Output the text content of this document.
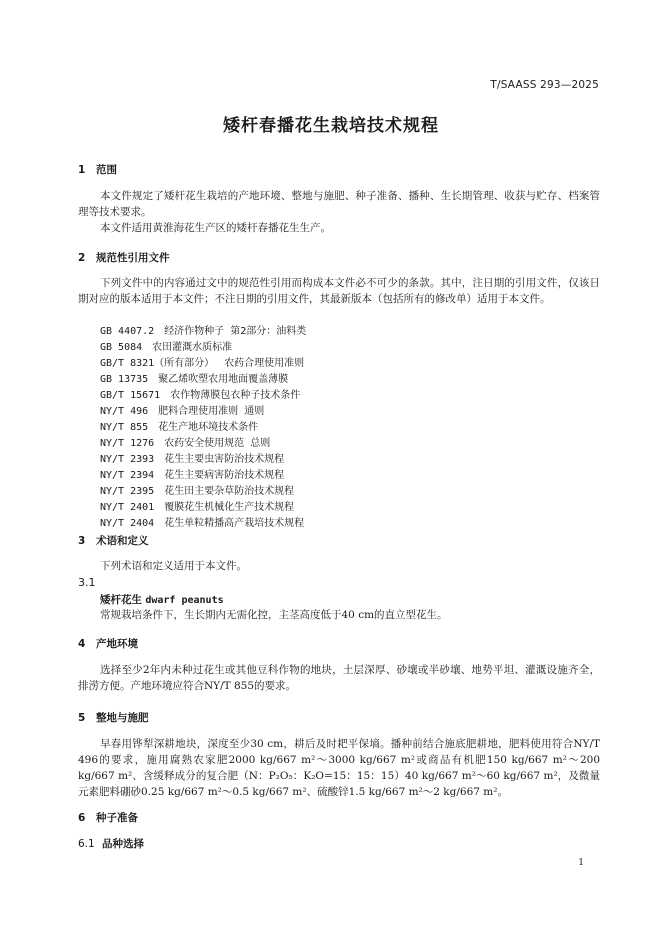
T/SAASS 293—2025
矮杆春播花生栽培技术规程
1 范围
本文件规定了矮杆花生栽培的产地环境、整地与施肥、种子准备、播种、生长期管理、收获与贮存、档案管理等技术要求。
本文件适用黄淮海花生产区的矮杆春播花生生产。
2 规范性引用文件
下列文件中的内容通过文中的规范性引用而构成本文件必不可少的条款。其中，注日期的引用文件，仅该日期对应的版本适用于本文件；不注日期的引用文件，其最新版本（包括所有的修改单）适用于本文件。
GB 4407.2 经济作物种子 第2部分：油料类
GB 5084 农田灌溉水质标准
GB/T 8321（所有部分） 农药合理使用准则
GB 13735 聚乙烯吹塑农用地面覆盖薄膜
GB/T 15671 农作物薄膜包衣种子技术条件
NY/T 496 肥料合理使用准则 通则
NY/T 855 花生产地环境技术条件
NY/T 1276 农药安全使用规范 总则
NY/T 2393 花生主要虫害防治技术规程
NY/T 2394 花生主要病害防治技术规程
NY/T 2395 花生田主要杂草防治技术规程
NY/T 2401 覆膜花生机械化生产技术规程
NY/T 2404 花生单粒精播高产栽培技术规程
3 术语和定义
下列术语和定义适用于本文件。
3.1
矮杆花生 dwarf peanuts
常规栽培条件下，生长期内无需化控，主茎高度低于40 cm的直立型花生。
4 产地环境
选择至少2年内未种过花生或其他豆科作物的地块，土层深厚、砂壤或半砂壤、地势平坦、灌溉设施齐全，排涝方便。产地环境应符合NY/T 855的要求。
5 整地与施肥
早春用铧犁深耕地块，深度至少30 cm，耕后及时耙平保墒。播种前结合施底肥耕地，肥料使用符合NY/T 496的要求，施用腐熟农家肥2000 kg/667 m²～3000 kg/667 m²或商品有机肥150 kg/667 m²～200 kg/667 m²、含缓释成分的复合肥（N：P₂O₅：K₂O=15：15：15）40 kg/667 m²～60 kg/667 m²，及微量元素肥料硼砂0.25 kg/667 m²～0.5 kg/667 m²、硫酸锌1.5 kg/667 m²～2 kg/667 m²。
6 种子准备
6.1 品种选择
1
